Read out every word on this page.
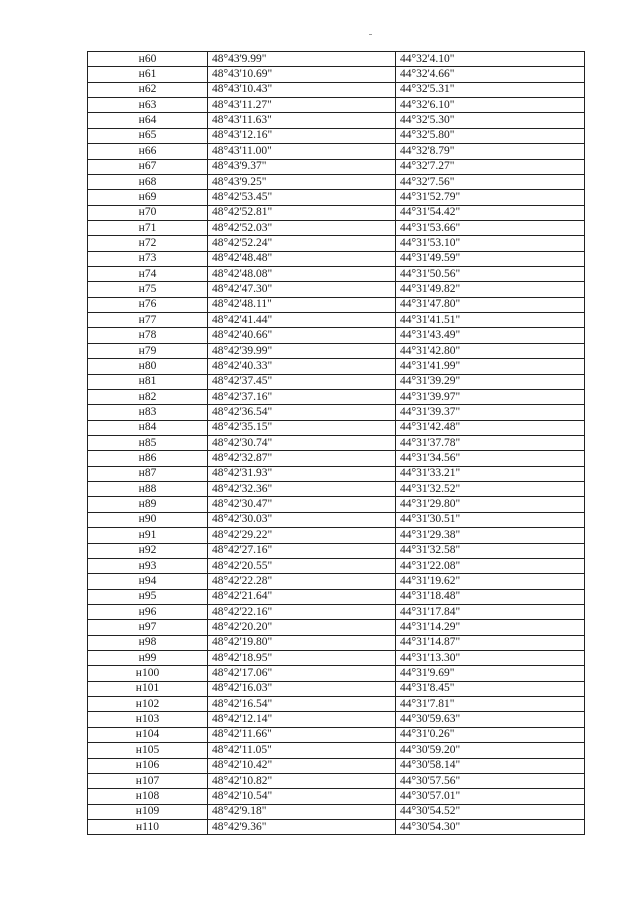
н60	48°43'9.99"	44°32'4.10"
н61	48°43'10.69"	44°32'4.66"
н62	48°43'10.43"	44°32'5.31"
н63	48°43'11.27"	44°32'6.10"
н64	48°43'11.63"	44°32'5.30"
н65	48°43'12.16"	44°32'5.80"
н66	48°43'11.00"	44°32'8.79"
н67	48°43'9.37"	44°32'7.27"
н68	48°43'9.25"	44°32'7.56"
н69	48°42'53.45"	44°31'52.79"
н70	48°42'52.81"	44°31'54.42"
н71	48°42'52.03"	44°31'53.66"
н72	48°42'52.24"	44°31'53.10"
н73	48°42'48.48"	44°31'49.59"
н74	48°42'48.08"	44°31'50.56"
н75	48°42'47.30"	44°31'49.82"
н76	48°42'48.11"	44°31'47.80"
н77	48°42'41.44"	44°31'41.51"
н78	48°42'40.66"	44°31'43.49"
н79	48°42'39.99"	44°31'42.80"
н80	48°42'40.33"	44°31'41.99"
н81	48°42'37.45"	44°31'39.29"
н82	48°42'37.16"	44°31'39.97"
н83	48°42'36.54"	44°31'39.37"
н84	48°42'35.15"	44°31'42.48"
н85	48°42'30.74"	44°31'37.78"
н86	48°42'32.87"	44°31'34.56"
н87	48°42'31.93"	44°31'33.21"
н88	48°42'32.36"	44°31'32.52"
н89	48°42'30.47"	44°31'29.80"
н90	48°42'30.03"	44°31'30.51"
н91	48°42'29.22"	44°31'29.38"
н92	48°42'27.16"	44°31'32.58"
н93	48°42'20.55"	44°31'22.08"
н94	48°42'22.28"	44°31'19.62"
н95	48°42'21.64"	44°31'18.48"
н96	48°42'22.16"	44°31'17.84"
н97	48°42'20.20"	44°31'14.29"
н98	48°42'19.80"	44°31'14.87"
н99	48°42'18.95"	44°31'13.30"
н100	48°42'17.06"	44°31'9.69"
н101	48°42'16.03"	44°31'8.45"
н102	48°42'16.54"	44°31'7.81"
н103	48°42'12.14"	44°30'59.63"
н104	48°42'11.66"	44°31'0.26"
н105	48°42'11.05"	44°30'59.20"
н106	48°42'10.42"	44°30'58.14"
н107	48°42'10.82"	44°30'57.56"
н108	48°42'10.54"	44°30'57.01"
н109	48°42'9.18"	44°30'54.52"
н110	48°42'9.36"	44°30'54.30"
